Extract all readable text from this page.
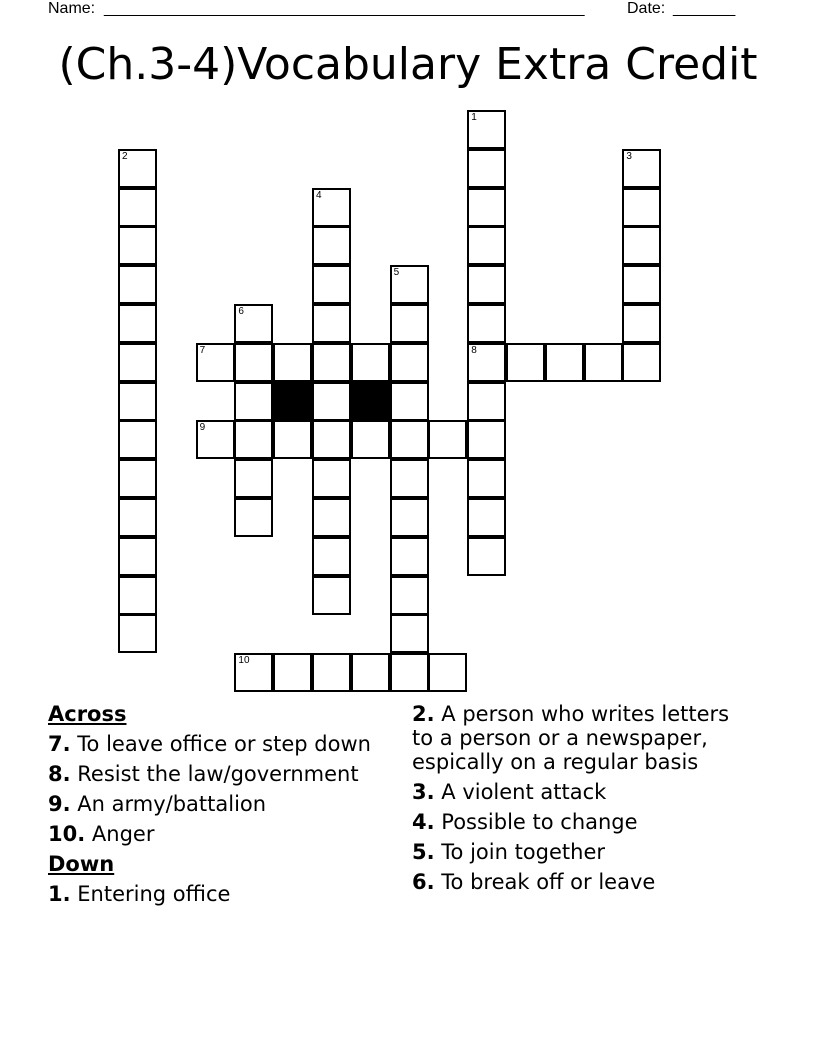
Name: ______________________________________________________	Date: _______
(Ch.3-4)Vocabulary Extra Credit
1
8
2	3
4
5
6
7
9
10
Across
7. To leave office or step down
8. Resist the law/government
9. An army/battalion
10. Anger
Down
1. Entering office
2. A person who writes letters to a person or a newspaper, espically on a regular basis
3. A violent attack
4. Possible to change
5. To join together
6. To break off or leave
